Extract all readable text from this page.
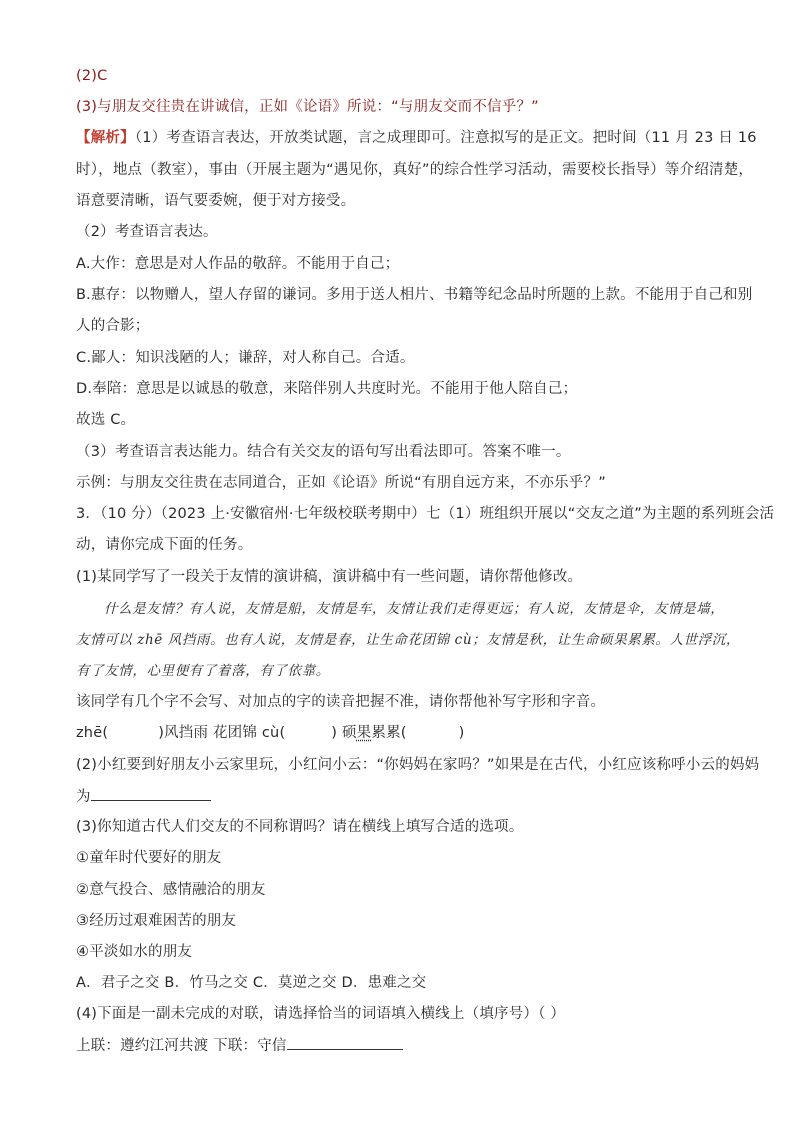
(2)C
(3)与朋友交往贵在讲诚信，正如《论语》所说：“与朋友交而不信乎？”
【解析】（1）考查语言表达，开放类试题，言之成理即可。注意拟写的是正文。把时间（11 月 23 日 16
时），地点（教室），事由（开展主题为“遇见你，真好”的综合性学习活动，需要校长指导）等介绍清楚，
语意要清晰，语气要委婉，便于对方接受。
（2）考查语言表达。
A.大作：意思是对人作品的敬辞。不能用于自己；
B.惠存：以物赠人，望人存留的谦词。多用于送人相片、书籍等纪念品时所题的上款。不能用于自己和别
人的合影；
C.鄙人：知识浅陋的人；谦辞，对人称自己。合适。
D.奉陪：意思是以诚恳的敬意，来陪伴别人共度时光。不能用于他人陪自己；
故选 C。
（3）考查语言表达能力。结合有关交友的语句写出看法即可。答案不唯一。
示例：与朋友交往贵在志同道合，正如《论语》所说“有朋自远方来，不亦乐乎？”
3．（10 分）（2023 上·安徽宿州·七年级校联考期中）七（1）班组织开展以“交友之道”为主题的系列班会活
动，请你完成下面的任务。
(1)某同学写了一段关于友情的演讲稿，演讲稿中有一些问题，请你帮他修改。
什么是友情？有人说，友情是船，友情是车，友情让我们走得更远；有人说，友情是伞，友情是墙，
友情可以 zhē 风挡雨。也有人说，友情是春，让生命花团锦 cù；友情是秋，让生命硕果累累。人世浮沉，
有了友情，心里便有了着落，有了依靠。
该同学有几个字不会写、对加点的字的读音把握不准，请你帮他补写字形和字音。
zhē(	)风挡雨 花团锦 cù(	) 硕果累累(	)
(2)小红要到好朋友小云家里玩，小红问小云：“你妈妈在家吗？”如果是在古代，小红应该称呼小云的妈妈
为
(3)你知道古代人们交友的不同称谓吗？请在横线上填写合适的选项。
①童年时代要好的朋友
②意气投合、感情融洽的朋友
③经历过艰难困苦的朋友
④平淡如水的朋友
A．君子之交 B．竹马之交 C．莫逆之交 D．患难之交
(4)下面是一副未完成的对联，请选择恰当的词语填入横线上（填序号）（ ）
上联：遵约江河共渡 下联：守信
